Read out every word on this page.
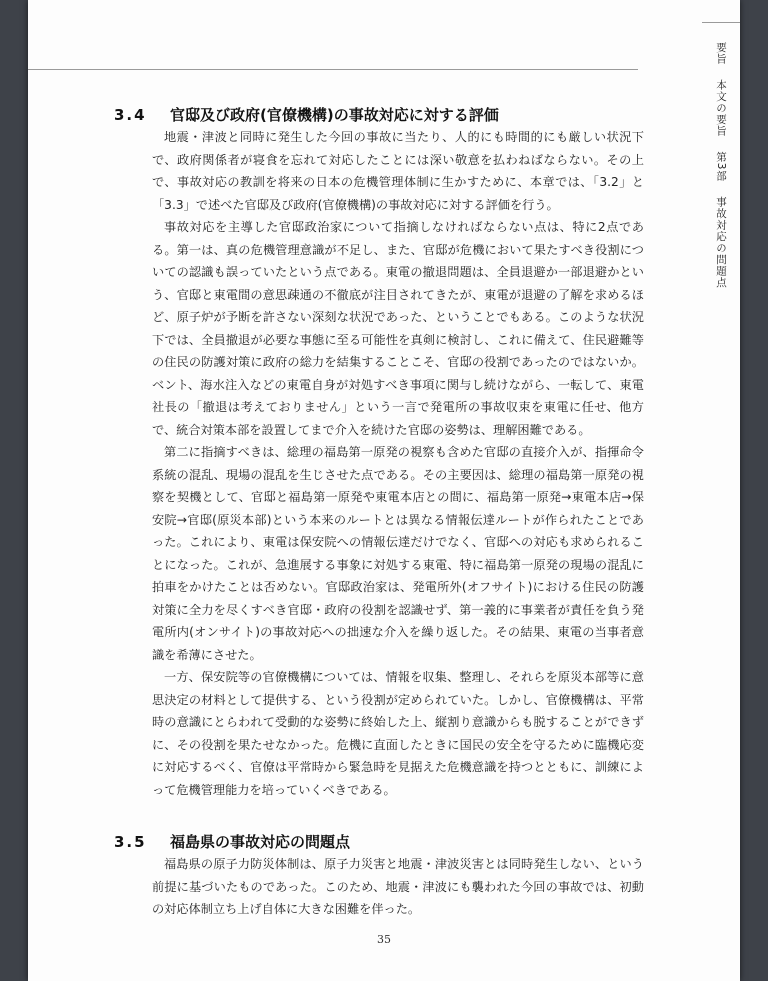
要旨 本文の要旨 第3部 事故対応の問題点
3.4 官邸及び政府(官僚機構)の事故対応に対する評価

地震・津波と同時に発生した今回の事故に当たり、人的にも時間的にも厳しい状況下で、政府関係者が寝食を忘れて対応したことには深い敬意を払わねばならない。その上で、事故対応の教訓を将来の日本の危機管理体制に生かすために、本章では、「3.2」と「3.3」で述べた官邸及び政府(官僚機構)の事故対応に対する評価を行う。

事故対応を主導した官邸政治家について指摘しなければならない点は、特に2点である。第一は、真の危機管理意識が不足し、また、官邸が危機において果たすべき役割についての認識も誤っていたという点である。東電の撤退問題は、全員退避か一部退避かという、官邸と東電間の意思疎通の不徹底が注目されてきたが、東電が退避の了解を求めるほど、原子炉が予断を許さない深刻な状況であった、ということでもある。このような状況下では、全員撤退が必要な事態に至る可能性を真剣に検討し、これに備えて、住民避難等の住民の防護対策に政府の総力を結集することこそ、官邸の役割であったのではないか。ベント、海水注入などの東電自身が対処すべき事項に関与し続けながら、一転して、東電社長の「撤退は考えておりません」という一言で発電所の事故収束を東電に任せ、他方で、統合対策本部を設置してまで介入を続けた官邸の姿勢は、理解困難である。

第二に指摘すべきは、総理の福島第一原発の視察も含めた官邸の直接介入が、指揮命令系統の混乱、現場の混乱を生じさせた点である。その主要因は、総理の福島第一原発の視察を契機として、官邸と福島第一原発や東電本店との間に、福島第一原発→東電本店→保安院→官邸(原災本部)という本来のルートとは異なる情報伝達ルートが作られたことであった。これにより、東電は保安院への情報伝達だけでなく、官邸への対応も求められることになった。これが、急進展する事象に対処する東電、特に福島第一原発の現場の混乱に拍車をかけたことは否めない。官邸政治家は、発電所外(オフサイト)における住民の防護対策に全力を尽くすべき官邸・政府の役割を認識せず、第一義的に事業者が責任を負う発電所内(オンサイト)の事故対応への拙速な介入を繰り返した。その結果、東電の当事者意識を希薄にさせた。

一方、保安院等の官僚機構については、情報を収集、整理し、それらを原災本部等に意思決定の材料として提供する、という役割が定められていた。しかし、官僚機構は、平常時の意識にとらわれて受動的な姿勢に終始した上、縦割り意識からも脱することができずに、その役割を果たせなかった。危機に直面したときに国民の安全を守るために臨機応変に対応するべく、官僚は平常時から緊急時を見据えた危機意識を持つとともに、訓練によって危機管理能力を培っていくべきである。

3.5 福島県の事故対応の問題点

福島県の原子力防災体制は、原子力災害と地震・津波災害とは同時発生しない、という前提に基づいたものであった。このため、地震・津波にも襲われた今回の事故では、初動の対応体制立ち上げ自体に大きな困難を伴った。

35
